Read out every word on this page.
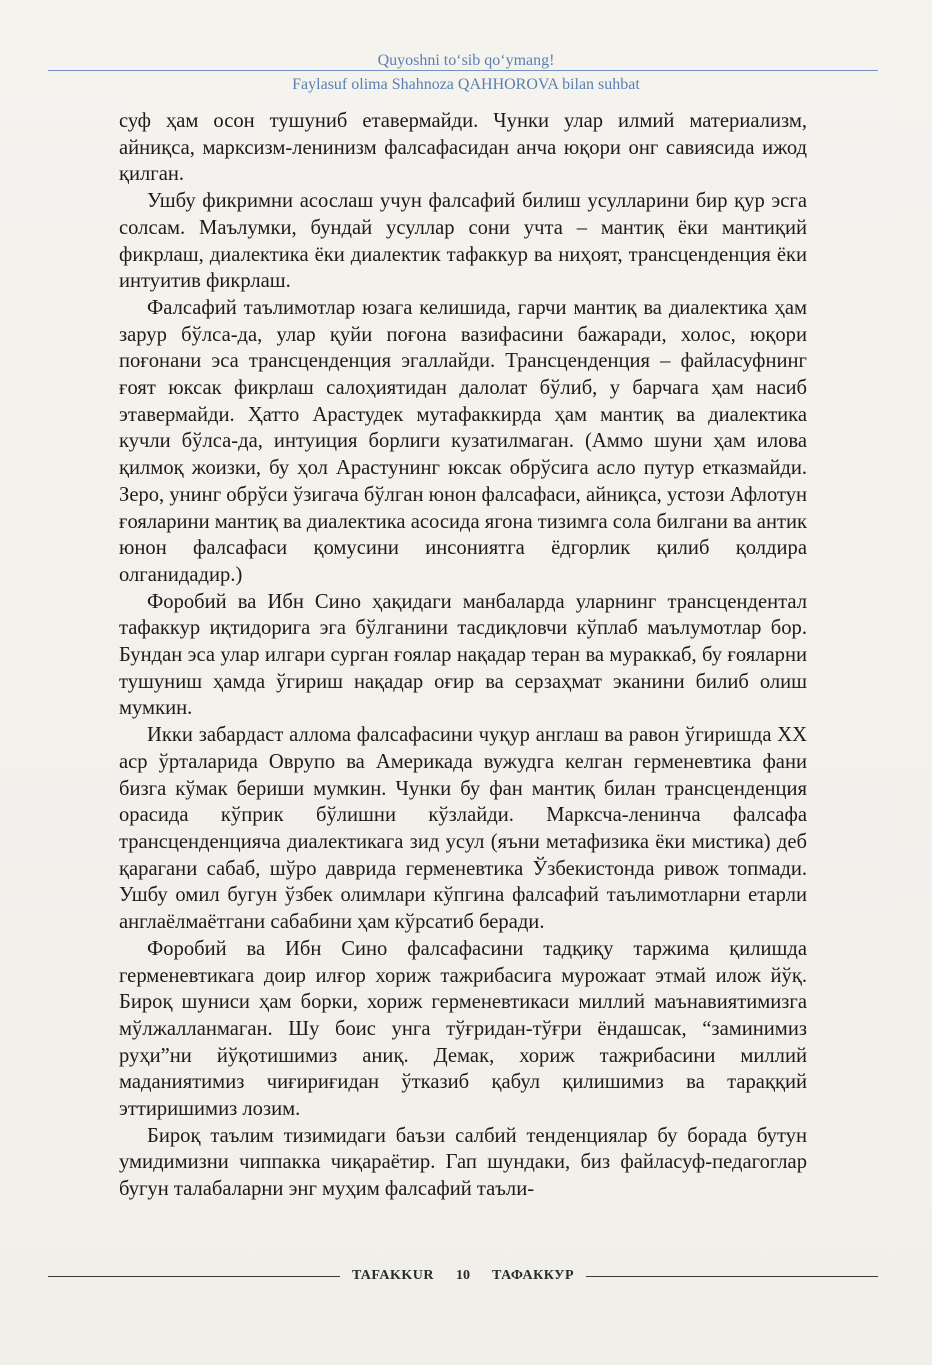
Quyoshni to‘sib qo‘ymang!
Faylasuf olima Shahnoza QAHHOROVA bilan suhbat

суф ҳам осон тушуниб етавермайди. Чунки улар илмий материализм, айниқса, марксизм-ленинизм фалсафасидан анча юқори онг савиясида ижод қилган.

Ушбу фикримни асослаш учун фалсафий билиш усулларини бир қур эсга солсам. Маълумки, бундай усуллар сони учта – мантиқ ёки мантиқий фикрлаш, диалектика ёки диалектик тафаккур ва ниҳоят, трансценденция ёки интуитив фикрлаш.

Фалсафий таълимотлар юзага келишида, гарчи мантиқ ва диалектика ҳам зарур бўлса-да, улар қуйи поғона вазифасини бажаради, холос, юқори поғонани эса трансценденция эгаллайди. Трансценденция – файласуфнинг ғоят юксак фикрлаш салоҳиятидан далолат бўлиб, у барчага ҳам насиб этавермайди. Ҳатто Арастудек мутафаккирда ҳам мантиқ ва диалектика кучли бўлса-да, интуиция борлиги кузатилмаган. (Аммо шуни ҳам илова қилмоқ жоизки, бу ҳол Арастунинг юксак обрўсига асло путур етказмайди. Зеро, унинг обрўси ўзигача бўлган юнон фалсафаси, айниқса, устози Афлотун ғояларини мантиқ ва диалектика асосида ягона тизимга сола билгани ва антик юнон фалсафаси қомусини инсониятга ёдгорлик қилиб қолдира олганидадир.)

Форобий ва Ибн Сино ҳақидаги манбаларда уларнинг трансцендентал тафаккур иқтидорига эга бўлганини тасдиқловчи кўплаб маълумотлар бор. Бундан эса улар илгари сурган ғоялар нақадар теран ва мураккаб, бу ғояларни тушуниш ҳамда ўгириш нақадар оғир ва серзаҳмат эканини билиб олиш мумкин.

Икки забардаст аллома фалсафасини чуқур англаш ва равон ўгиришда XX аср ўрталарида Оврупо ва Америкада вужудга келган герменевтика фани бизга кўмак бериши мумкин. Чунки бу фан мантиқ билан трансценденция орасида кўприк бўлишни кўзлайди. Марксча-ленинча фалсафа трансценденцияча диалектикага зид усул (яъни метафизика ёки мистика) деб қарагани сабаб, шўро даврида герменевтика Ўзбекистонда ривож топмади. Ушбу омил бугун ўзбек олимлари кўпгина фалсафий таълимотларни етарли англаёлмаётгани сабабини ҳам кўрсатиб беради.

Форобий ва Ибн Сино фалсафасини тадқиқу таржима қилишда герменевтикага доир илғор хориж тажрибасига мурожаат этмай илож йўқ. Бироқ шуниси ҳам борки, хориж герменевтикаси миллий маънавиятимизга мўлжалланмаган. Шу боис унга тўғридан-тўғри ёндашсак, “заминимиз руҳи”ни йўқотишимиз аниқ. Демак, хориж тажрибасини миллий маданиятимиз чиғириғидан ўтказиб қабул қилишимиз ва тараққий эттиришимиз лозим.

Бироқ таълим тизимидаги баъзи салбий тенденциялар бу борада бутун умидимизни чиппакка чиқараётир. Гап шундаки, биз файласуф-педагоглар бугун талабаларни энг муҳим фалсафий таъли-

TAFAKKUR	10	ТАФАККУР
